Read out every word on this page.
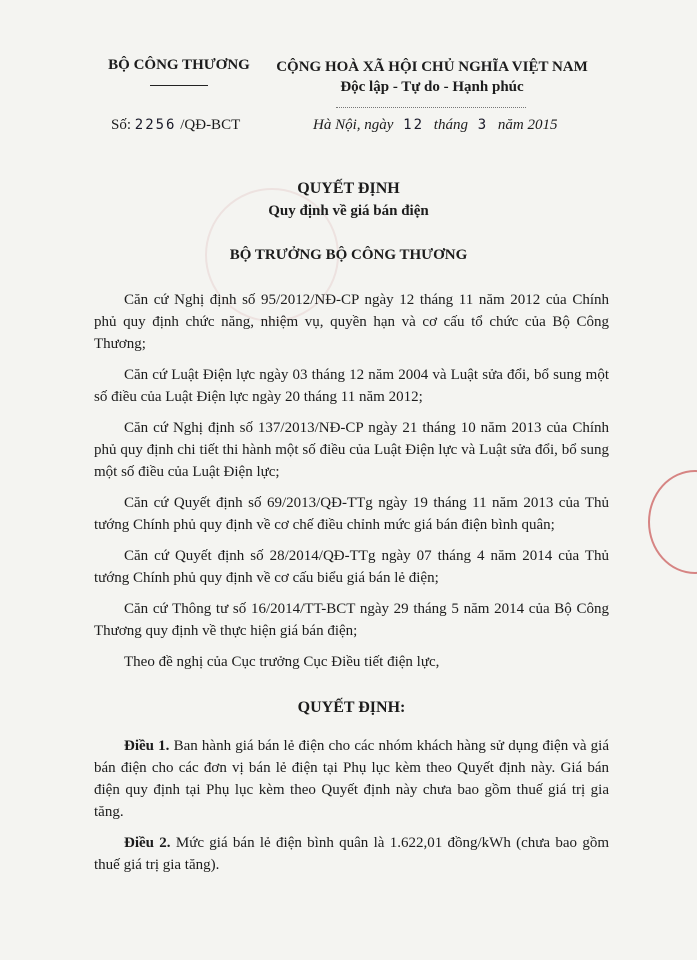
BỘ CÔNG THƯƠNG	CỘNG HOÀ XÃ HỘI CHỦ NGHĨA VIỆT NAM
Độc lập - Tự do - Hạnh phúc
Số: 2256 /QĐ-BCT	Hà Nội, ngày 12 tháng 3 năm 2015
QUYẾT ĐỊNH
Quy định về giá bán điện
BỘ TRƯỞNG BỘ CÔNG THƯƠNG

Căn cứ Nghị định số 95/2012/NĐ-CP ngày 12 tháng 11 năm 2012 của Chính phủ quy định chức năng, nhiệm vụ, quyền hạn và cơ cấu tổ chức của Bộ Công Thương;

Căn cứ Luật Điện lực ngày 03 tháng 12 năm 2004 và Luật sửa đổi, bổ sung một số điều của Luật Điện lực ngày 20 tháng 11 năm 2012;

Căn cứ Nghị định số 137/2013/NĐ-CP ngày 21 tháng 10 năm 2013 của Chính phủ quy định chi tiết thi hành một số điều của Luật Điện lực và Luật sửa đổi, bổ sung một số điều của Luật Điện lực;

Căn cứ Quyết định số 69/2013/QĐ-TTg ngày 19 tháng 11 năm 2013 của Thủ tướng Chính phủ quy định về cơ chế điều chỉnh mức giá bán điện bình quân;

Căn cứ Quyết định số 28/2014/QĐ-TTg ngày 07 tháng 4 năm 2014 của Thủ tướng Chính phủ quy định về cơ cấu biểu giá bán lẻ điện;

Căn cứ Thông tư số 16/2014/TT-BCT ngày 29 tháng 5 năm 2014 của Bộ Công Thương quy định về thực hiện giá bán điện;

Theo đề nghị của Cục trưởng Cục Điều tiết điện lực,

QUYẾT ĐỊNH:

Điều 1. Ban hành giá bán lẻ điện cho các nhóm khách hàng sử dụng điện và giá bán điện cho các đơn vị bán lẻ điện tại Phụ lục kèm theo Quyết định này. Giá bán điện quy định tại Phụ lục kèm theo Quyết định này chưa bao gồm thuế giá trị gia tăng.

Điều 2. Mức giá bán lẻ điện bình quân là 1.622,01 đồng/kWh (chưa bao gồm thuế giá trị gia tăng).
